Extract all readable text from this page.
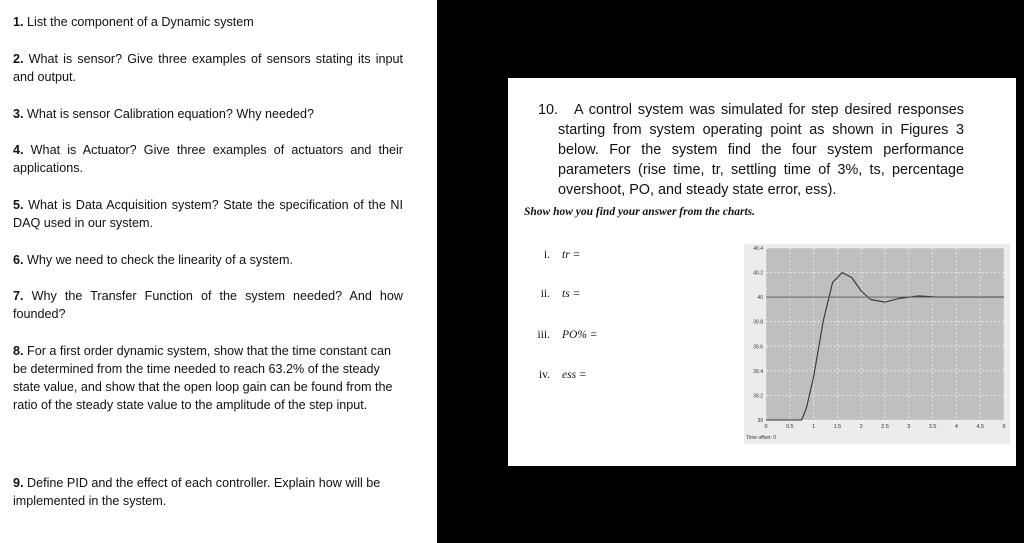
1. List the component of a Dynamic system
2. What is sensor? Give three examples of sensors stating its input and output.
3. What is sensor Calibration equation? Why needed?
4. What is Actuator? Give three examples of actuators and their applications.
5. What is Data Acquisition system? State the specification of the NI DAQ used in our system.
6. Why we need to check the linearity of a system.
7. Why the Transfer Function of the system needed? And how founded?
8. For a first order dynamic system, show that the time constant can be determined from the time needed to reach 63.2% of the steady state value, and show that the open loop gain can be found from the ratio of the steady state value to the amplitude of the step input.
9. Define PID and the effect of each controller. Explain how will be implemented in the system.
10.	A control system was simulated for step desired responses starting from system operating point as shown in Figures 3 below. For the system find the four system performance parameters (rise time, tr, settling time of 3%, ts, percentage overshoot, PO, and steady state error, ess).
Show how you find your answer from the charts.
i. tr =
ii. ts =
iii. PO% =
iv. ess =
0	0.5	1	1.5	2	2.5	3	3.5	4	4.5	5
39
39.2
39.4
39.6
39.8
40
40.2
40.4
Time offset: 0
